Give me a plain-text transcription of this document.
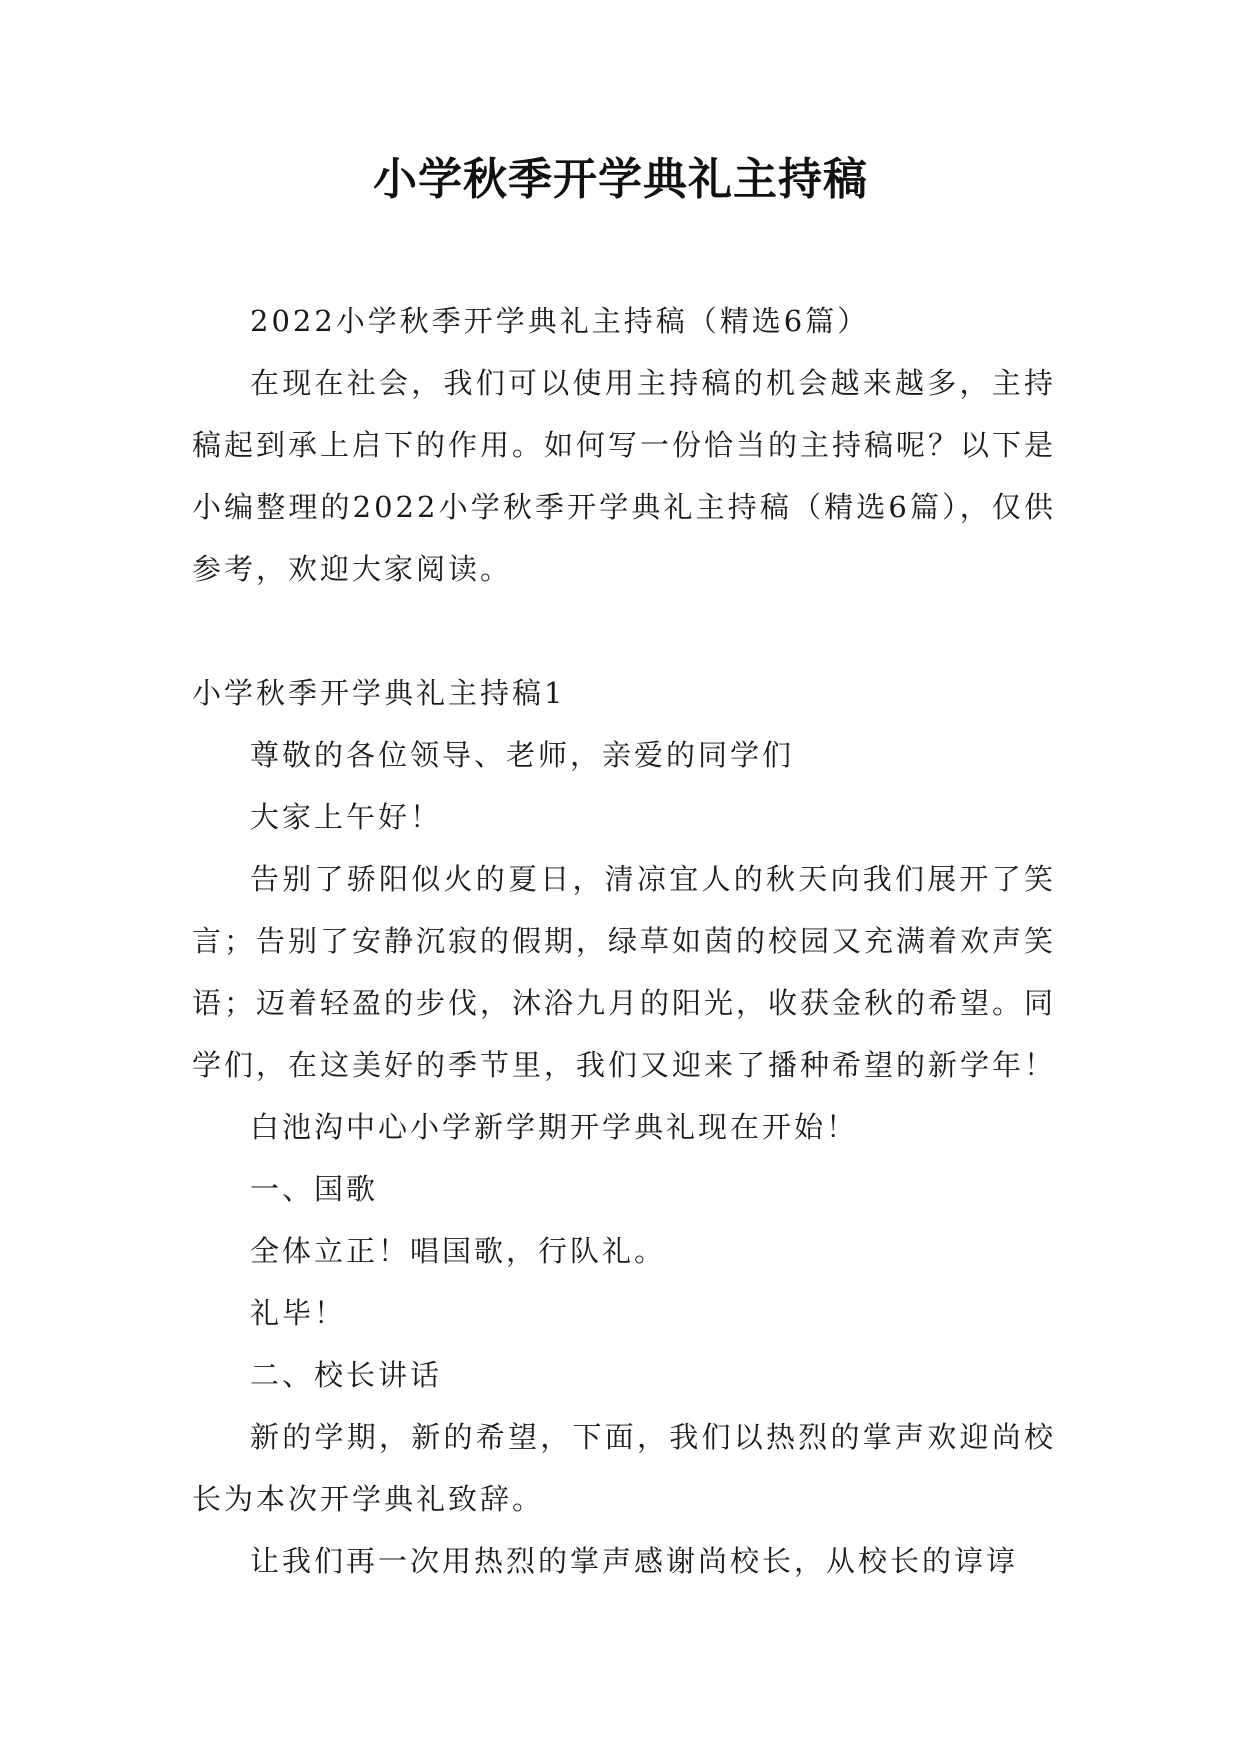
小学秋季开学典礼主持稿

2022小学秋季开学典礼主持稿（精选6篇）

在现在社会，我们可以使用主持稿的机会越来越多，主持稿起到承上启下的作用。如何写一份恰当的主持稿呢？以下是小编整理的2022小学秋季开学典礼主持稿（精选6篇），仅供参考，欢迎大家阅读。

小学秋季开学典礼主持稿1

尊敬的各位领导、老师，亲爱的同学们

大家上午好！

告别了骄阳似火的夏日，清凉宜人的秋天向我们展开了笑言；告别了安静沉寂的假期，绿草如茵的校园又充满着欢声笑语；迈着轻盈的步伐，沐浴九月的阳光，收获金秋的希望。同学们，在这美好的季节里，我们又迎来了播种希望的新学年！

白池沟中心小学新学期开学典礼现在开始！

一、国歌

全体立正！唱国歌，行队礼。

礼毕！

二、校长讲话

新的学期，新的希望，下面，我们以热烈的掌声欢迎尚校长为本次开学典礼致辞。

让我们再一次用热烈的掌声感谢尚校长，从校长的谆谆
